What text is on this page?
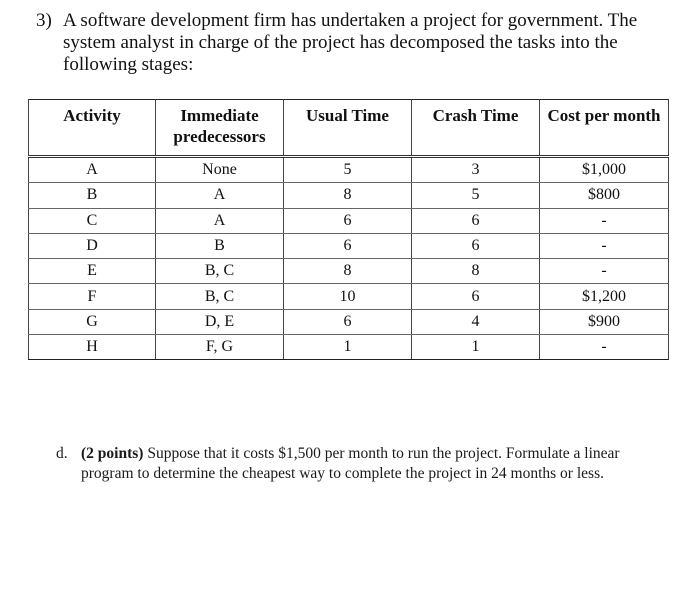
3) A software development firm has undertaken a project for government. The system analyst in charge of the project has decomposed the tasks into the following stages:
Activity	Immediate predecessors	Usual Time	Crash Time	Cost per month
A	None	5	3	$1,000
B	A	8	5	$800
C	A	6	6	-
D	B	6	6	-
E	B, C	8	8	-
F	B, C	10	6	$1,200
G	D, E	6	4	$900
H	F, G	1	1	-
d. (2 points) Suppose that it costs $1,500 per month to run the project. Formulate a linear program to determine the cheapest way to complete the project in 24 months or less.
